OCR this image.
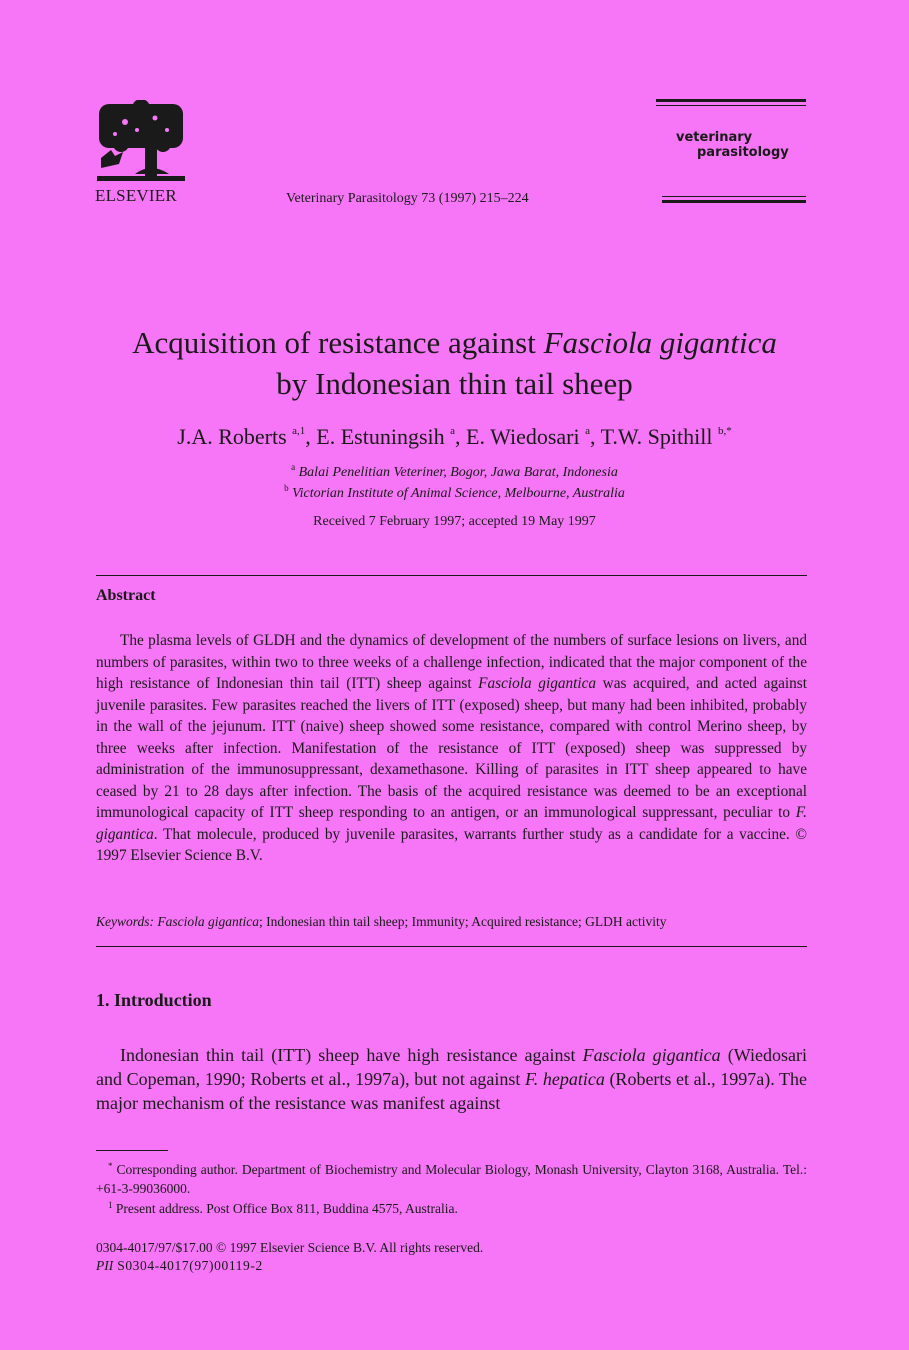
ELSEVIER	Veterinary Parasitology 73 (1997) 215–224
veterinary
parasitology
Acquisition of resistance against Fasciola gigantica
by Indonesian thin tail sheep
J.A. Roberts $^{a,1}$, E. Estuningsih $^a$, E. Wiedosari $^a$, T.W. Spithill $^{b,*}$
$^a$ Balai Penelitian Veteriner, Bogor, Jawa Barat, Indonesia
$^b$ Victorian Institute of Animal Science, Melbourne, Australia
Received 7 February 1997; accepted 19 May 1997
Abstract
The plasma levels of GLDH and the dynamics of development of the numbers of surface lesions on livers, and numbers of parasites, within two to three weeks of a challenge infection, indicated that the major component of the high resistance of Indonesian thin tail (ITT) sheep against Fasciola gigantica was acquired, and acted against juvenile parasites. Few parasites reached the livers of ITT (exposed) sheep, but many had been inhibited, probably in the wall of the jejunum. ITT (naive) sheep showed some resistance, compared with control Merino sheep, by three weeks after infection. Manifestation of the resistance of ITT (exposed) sheep was suppressed by administration of the immunosuppressant, dexamethasone. Killing of parasites in ITT sheep appeared to have ceased by 21 to 28 days after infection. The basis of the acquired resistance was deemed to be an exceptional immunological capacity of ITT sheep responding to an antigen, or an immunological suppressant, peculiar to F. gigantica. That molecule, produced by juvenile parasites, warrants further study as a candidate for a vaccine. © 1997 Elsevier Science B.V.
Keywords: Fasciola gigantica; Indonesian thin tail sheep; Immunity; Acquired resistance; GLDH activity
1. Introduction
Indonesian thin tail (ITT) sheep have high resistance against Fasciola gigantica (Wiedosari and Copeman, 1990; Roberts et al., 1997a), but not against F. hepatica (Roberts et al., 1997a). The major mechanism of the resistance was manifest against
* Corresponding author. Department of Biochemistry and Molecular Biology, Monash University, Clayton 3168, Australia. Tel.: +61-3-99036000.
$^1$ Present address. Post Office Box 811, Buddina 4575, Australia.
0304-4017/97/$17.00 © 1997 Elsevier Science B.V. All rights reserved.
PII S0304-4017(97)00119-2
